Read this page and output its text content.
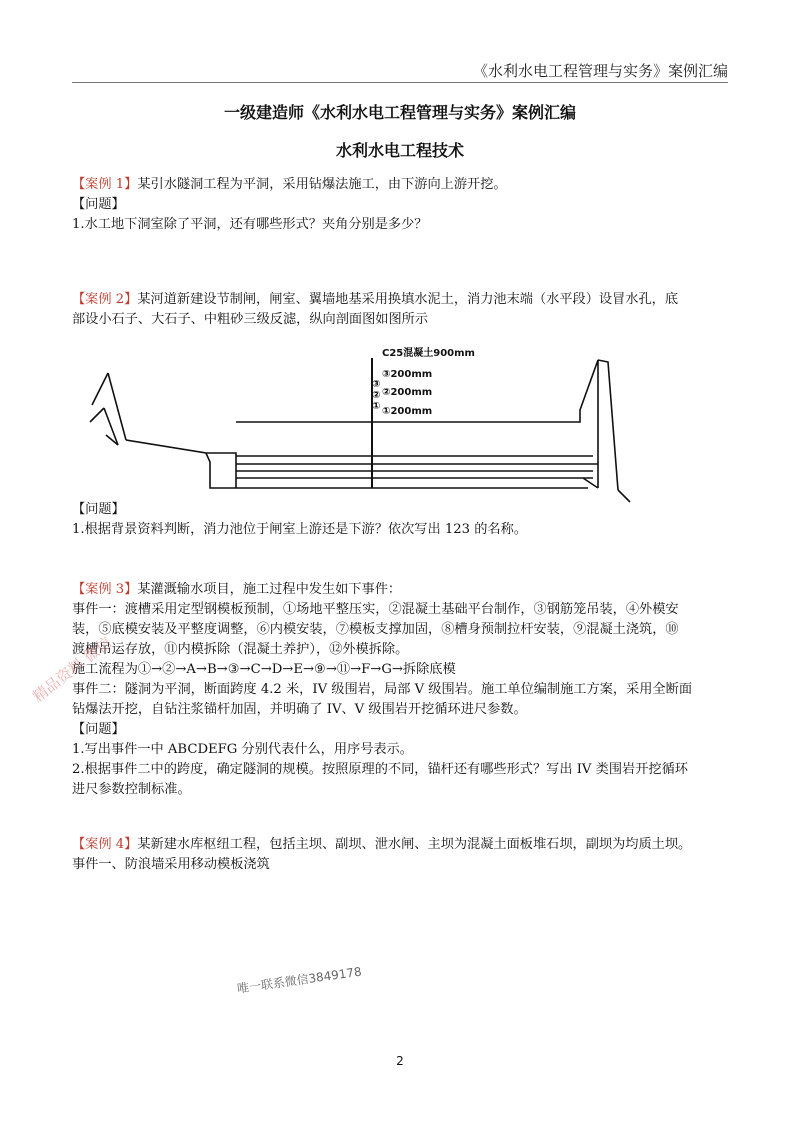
《水利水电工程管理与实务》案例汇编
一级建造师《水利水电工程管理与实务》案例汇编
水利水电工程技术
【案例 1】某引水隧洞工程为平洞，采用钻爆法施工，由下游向上游开挖。
【问题】
1.水工地下洞室除了平洞，还有哪些形式？夹角分别是多少？
【案例 2】某河道新建设节制闸，闸室、翼墙地基采用换填水泥土，消力池末端（水平段）设冒水孔，底
部设小石子、大石子、中粗砂三级反滤，纵向剖面图如图所示
C25混凝土900mm
③
②
①
③200mm
②200mm
①200mm
【问题】
1.根据背景资料判断，消力池位于闸室上游还是下游？依次写出 123 的名称。
【案例 3】某灌溉输水项目，施工过程中发生如下事件：
事件一：渡槽采用定型钢模板预制，①场地平整压实，②混凝土基础平台制作，③钢筋笼吊装，④外模安
装，⑤底模安装及平整度调整，⑥内模安装，⑦模板支撑加固，⑧槽身预制拉杆安装，⑨混凝土浇筑，⑩
渡槽吊运存放，⑪内模拆除（混凝土养护），⑫外模拆除。
施工流程为①→②→A→B→③→C→D→E→⑨→⑪→F→G→拆除底模
事件二：隧洞为平洞，断面跨度 4.2 米，IV 级围岩，局部 V 级围岩。施工单位编制施工方案，采用全断面
钻爆法开挖，自钻注浆锚杆加固，并明确了 IV、V 级围岩开挖循环进尺参数。
【问题】
1.写出事件一中 ABCDEFG 分别代表什么，用序号表示。
2.根据事件二中的跨度，确定隧洞的规模。按照原理的不同，锚杆还有哪些形式？写出 IV 类围岩开挖循环
进尺参数控制标准。
【案例 4】某新建水库枢纽工程，包括主坝、副坝、泄水闸、主坝为混凝土面板堆石坝，副坝为均质土坝。
事件一、防浪墙采用移动模板浇筑
精品资料 微信
唯一联系微信3849178
2
